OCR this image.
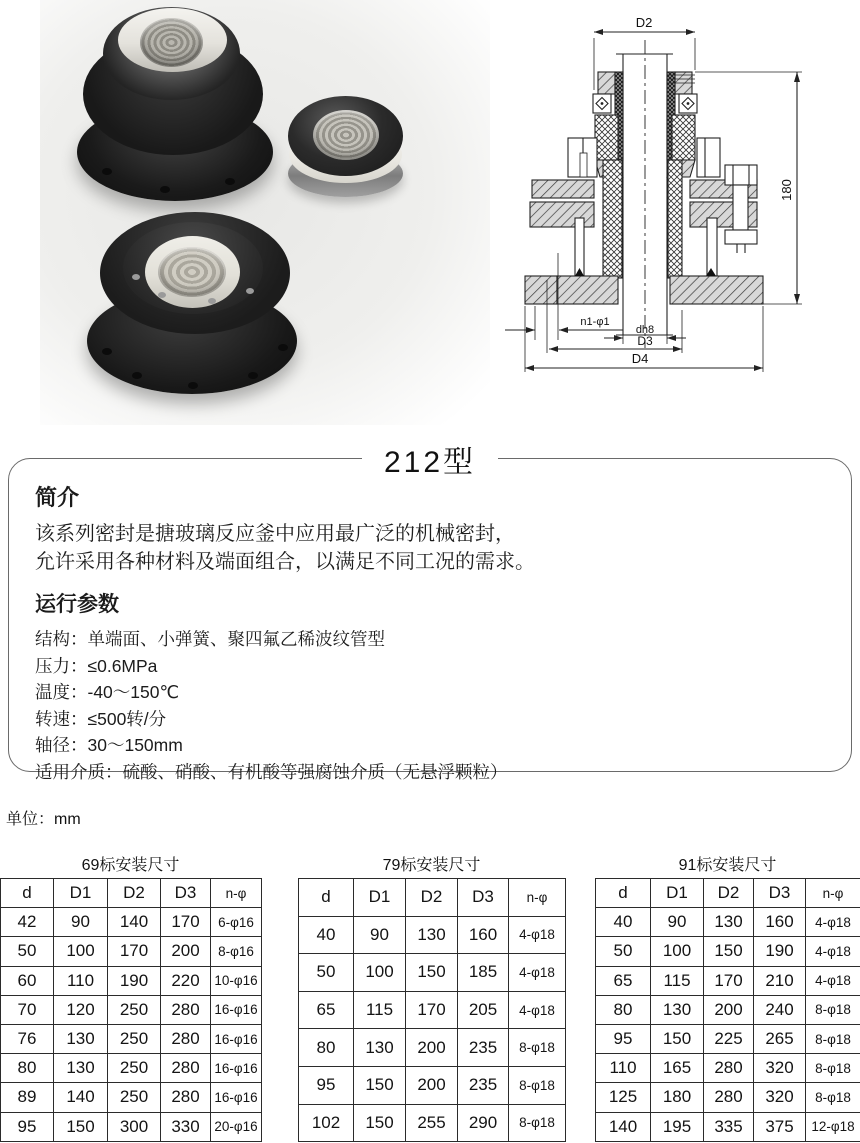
D2
180
n1-φ1
dh8
D3
D4
212型
简介
该系列密封是搪玻璃反应釜中应用最广泛的机械密封，
允许采用各种材料及端面组合，以满足不同工况的需求。
运行参数
结构：单端面、小弹簧、聚四氟乙稀波纹管型
压力：≤0.6MPa
温度：-40～150℃
转速：≤500转/分
轴径：30～150mm
适用介质：硫酸、硝酸、有机酸等强腐蚀介质（无悬浮颗粒）
单位：mm
69标安装尺寸
d	D1	D2	D3	n-φ
42	90	140	170	6-φ16
50	100	170	200	8-φ16
60	110	190	220	10-φ16
70	120	250	280	16-φ16
76	130	250	280	16-φ16
80	130	250	280	16-φ16
89	140	250	280	16-φ16
95	150	300	330	20-φ16
79标安装尺寸
d	D1	D2	D3	n-φ
40	90	130	160	4-φ18
50	100	150	185	4-φ18
65	115	170	205	4-φ18
80	130	200	235	8-φ18
95	150	200	235	8-φ18
102	150	255	290	8-φ18
91标安装尺寸
d	D1	D2	D3	n-φ
40	90	130	160	4-φ18
50	100	150	190	4-φ18
65	115	170	210	4-φ18
80	130	200	240	8-φ18
95	150	225	265	8-φ18
110	165	280	320	8-φ18
125	180	280	320	8-φ18
140	195	335	375	12-φ18
